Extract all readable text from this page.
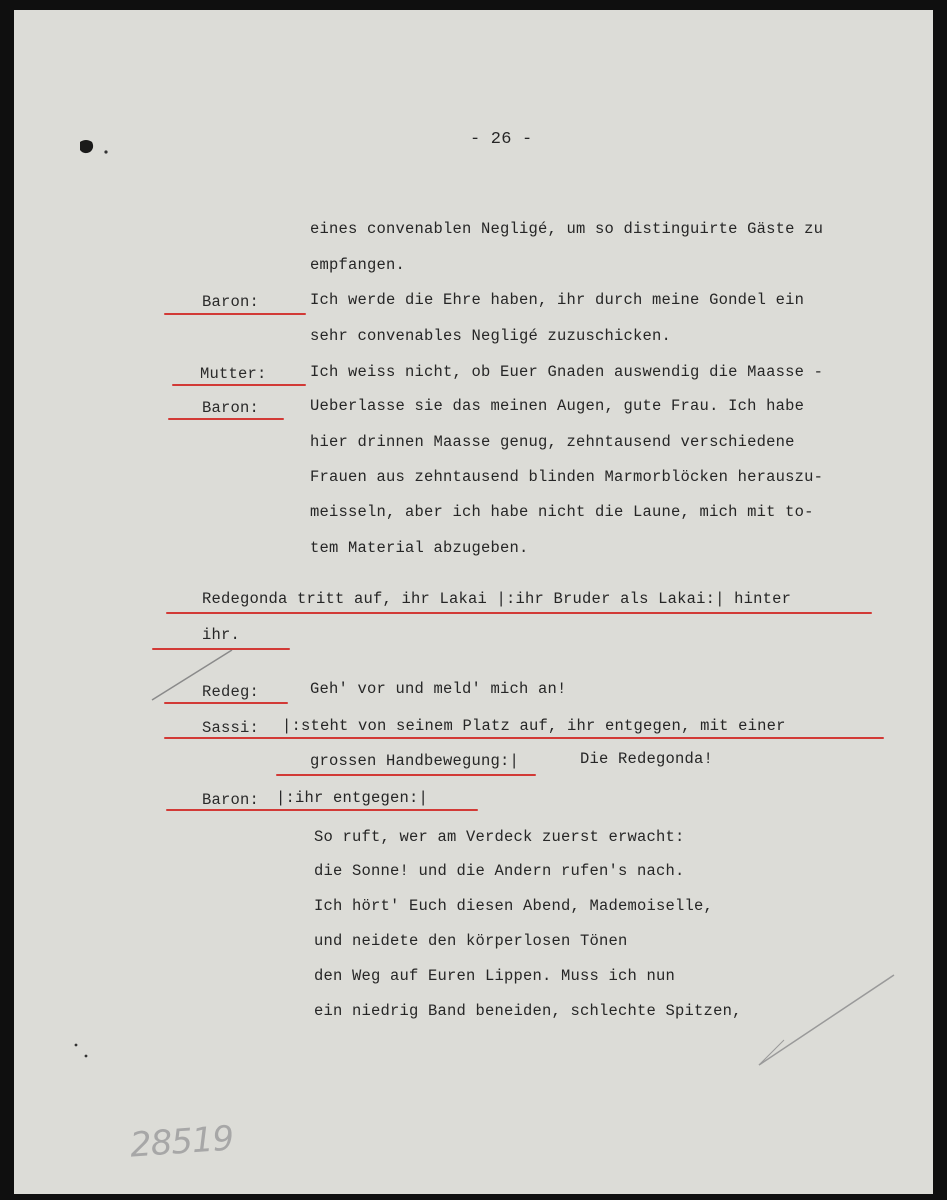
- 26 -
eines convenablen Negligé, um so distinguirte Gäste zu
empfangen.
Baron:	Ich werde die Ehre haben, ihr durch meine Gondel ein
sehr convenables Negligé zuzuschicken.
Mutter:	Ich weiss nicht, ob Euer Gnaden auswendig die Maasse -
Baron:	Ueberlasse sie das meinen Augen, gute Frau. Ich habe
hier drinnen Maasse genug, zehntausend verschiedene
Frauen aus zehntausend blinden Marmorblöcken herauszu-
meisseln, aber ich habe nicht die Laune, mich mit to-
tem Material abzugeben.
Redegonda tritt auf, ihr Lakai |:ihr Bruder als Lakai:| hinter
ihr.
Redeg:	Geh' vor und meld' mich an!
Sassi: |:steht von seinem Platz auf, ihr entgegen, mit einer
grossen Handbewegung:|	Die Redegonda!
Baron: |:ihr entgegen:|
So ruft, wer am Verdeck zuerst erwacht:
die Sonne! und die Andern rufen's nach.
Ich hört' Euch diesen Abend, Mademoiselle,
und neidete den körperlosen Tönen
den Weg auf Euren Lippen. Muss ich nun
ein niedrig Band beneiden, schlechte Spitzen,
28519
